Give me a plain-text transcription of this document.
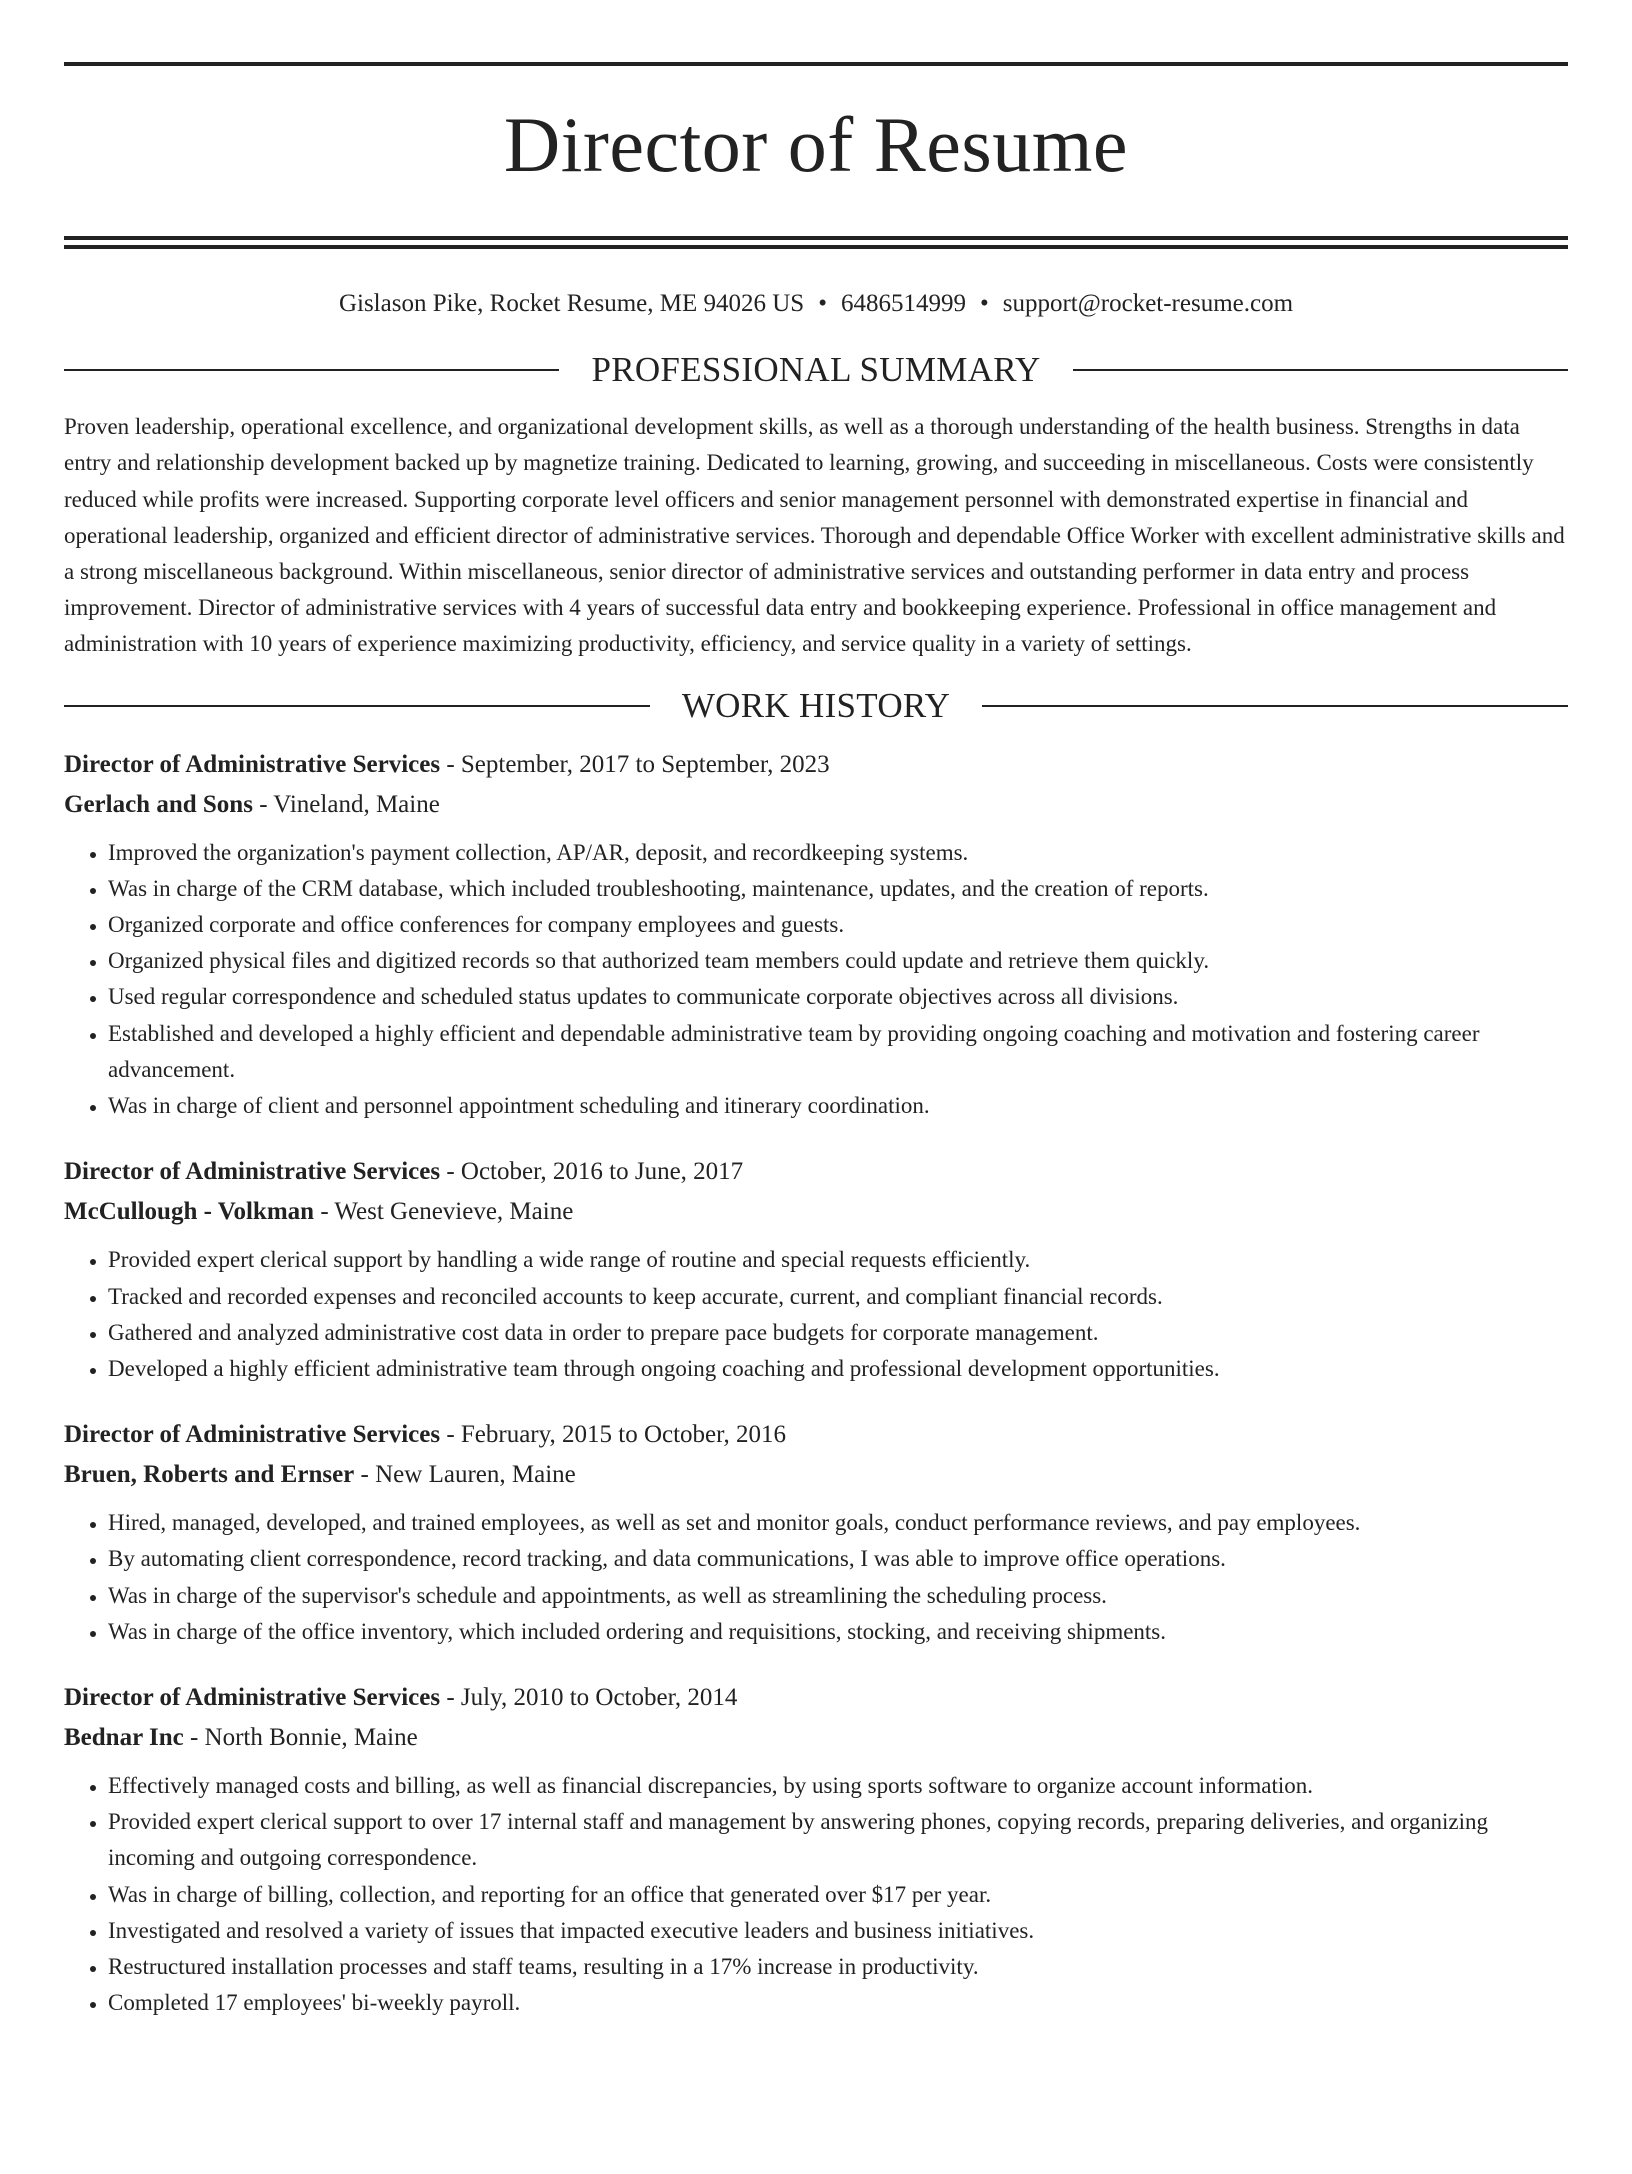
Director of Resume
Gislason Pike, Rocket Resume, ME 94026 US • 6486514999 • support@rocket-resume.com
PROFESSIONAL SUMMARY
Proven leadership, operational excellence, and organizational development skills, as well as a thorough understanding of the health business. Strengths in data entry and relationship development backed up by magnetize training. Dedicated to learning, growing, and succeeding in miscellaneous. Costs were consistently reduced while profits were increased. Supporting corporate level officers and senior management personnel with demonstrated expertise in financial and operational leadership, organized and efficient director of administrative services. Thorough and dependable Office Worker with excellent administrative skills and a strong miscellaneous background. Within miscellaneous, senior director of administrative services and outstanding performer in data entry and process improvement. Director of administrative services with 4 years of successful data entry and bookkeeping experience. Professional in office management and administration with 10 years of experience maximizing productivity, efficiency, and service quality in a variety of settings.
WORK HISTORY
Director of Administrative Services - September, 2017 to September, 2023
Gerlach and Sons - Vineland, Maine
• Improved the organization's payment collection, AP/AR, deposit, and recordkeeping systems.
• Was in charge of the CRM database, which included troubleshooting, maintenance, updates, and the creation of reports.
• Organized corporate and office conferences for company employees and guests.
• Organized physical files and digitized records so that authorized team members could update and retrieve them quickly.
• Used regular correspondence and scheduled status updates to communicate corporate objectives across all divisions.
• Established and developed a highly efficient and dependable administrative team by providing ongoing coaching and motivation and fostering career advancement.
• Was in charge of client and personnel appointment scheduling and itinerary coordination.
Director of Administrative Services - October, 2016 to June, 2017
McCullough - Volkman - West Genevieve, Maine
• Provided expert clerical support by handling a wide range of routine and special requests efficiently.
• Tracked and recorded expenses and reconciled accounts to keep accurate, current, and compliant financial records.
• Gathered and analyzed administrative cost data in order to prepare pace budgets for corporate management.
• Developed a highly efficient administrative team through ongoing coaching and professional development opportunities.
Director of Administrative Services - February, 2015 to October, 2016
Bruen, Roberts and Ernser - New Lauren, Maine
• Hired, managed, developed, and trained employees, as well as set and monitor goals, conduct performance reviews, and pay employees.
• By automating client correspondence, record tracking, and data communications, I was able to improve office operations.
• Was in charge of the supervisor's schedule and appointments, as well as streamlining the scheduling process.
• Was in charge of the office inventory, which included ordering and requisitions, stocking, and receiving shipments.
Director of Administrative Services - July, 2010 to October, 2014
Bednar Inc - North Bonnie, Maine
• Effectively managed costs and billing, as well as financial discrepancies, by using sports software to organize account information.
• Provided expert clerical support to over 17 internal staff and management by answering phones, copying records, preparing deliveries, and organizing incoming and outgoing correspondence.
• Was in charge of billing, collection, and reporting for an office that generated over $17 per year.
• Investigated and resolved a variety of issues that impacted executive leaders and business initiatives.
• Restructured installation processes and staff teams, resulting in a 17% increase in productivity.
• Completed 17 employees' bi-weekly payroll.
